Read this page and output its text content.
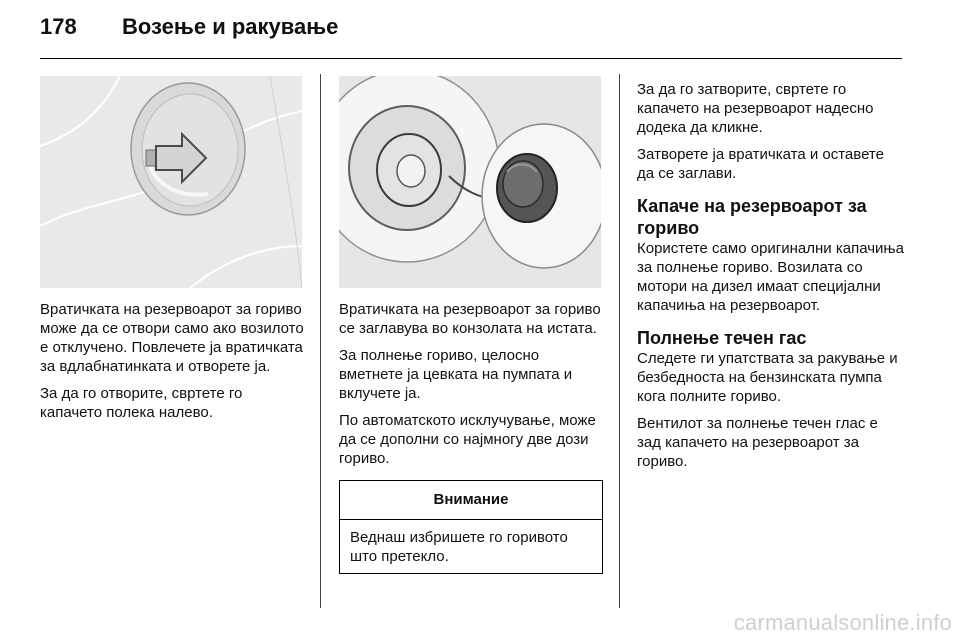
178 Возење и ракување

Вратичката на резервоарот за гориво може да се отвори само ако возилото е отклучено. Повлечете ја вратичката за вдлабнатинката и отворете ја.

За да го отворите, свртете го капачето полека налево.

Вратичката на резервоарот за гориво се заглавува во конзолата на истата.

За полнење гориво, целосно вметнете ја цевката на пумпата и вклучете ја.

По автоматското исклучување, може да се дополни со најмногу две дози гориво.

Внимание
Веднаш избришете го горивото што претекло.

За да го затворите, свртете го капачето на резервоарот надесно додека да кликне.

Затворете ја вратичката и оставете да се заглави.

Капаче на резервоарот за гориво

Користете само оригинални капачиња за полнење гориво. Возилата со мотори на дизел имаат специјални капачиња на резервоарот.

Полнење течен гас

Следете ги упатствата за ракување и безбедноста на бензинската пумпа кога полните гориво.

Вентилот за полнење течен глас е зад капачето на резервоарот за гориво.

carmanualsonline.info
